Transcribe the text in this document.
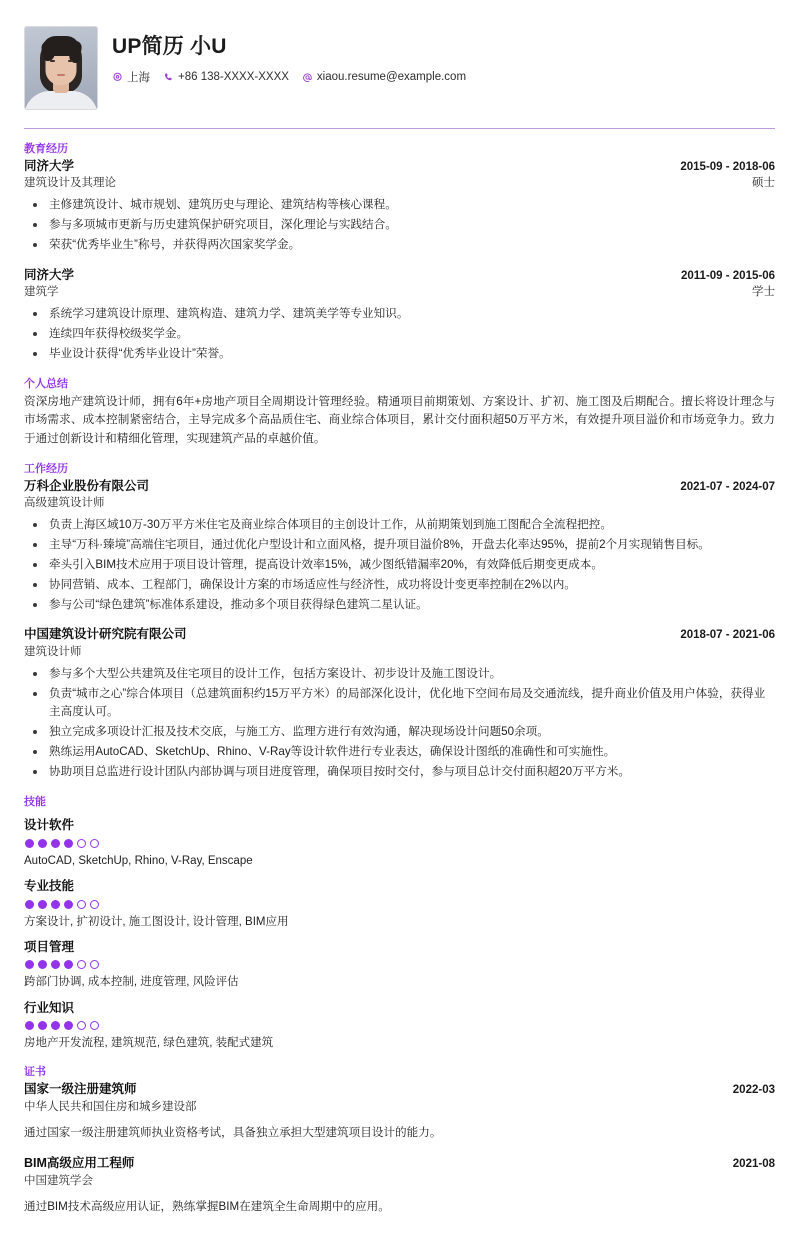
UP简历 小U
上海 +86 138-XXXX-XXXX xiaou.resume@example.com
教育经历
同济大学	2015-09 - 2018-06
建筑设计及其理论	硕士
主修建筑设计、城市规划、建筑历史与理论、建筑结构等核心课程。
参与多项城市更新与历史建筑保护研究项目，深化理论与实践结合。
荣获“优秀毕业生”称号，并获得两次国家奖学金。
同济大学	2011-09 - 2015-06
建筑学	学士
系统学习建筑设计原理、建筑构造、建筑力学、建筑美学等专业知识。
连续四年获得校级奖学金。
毕业设计获得“优秀毕业设计”荣誉。
个人总结
资深房地产建筑设计师，拥有6年+房地产项目全周期设计管理经验。精通项目前期策划、方案设计、扩初、施工图及后期配合。擅长将设计理念与市场需求、成本控制紧密结合，主导完成多个高品质住宅、商业综合体项目，累计交付面积超50万平方米，有效提升项目溢价和市场竞争力。致力于通过创新设计和精细化管理，实现建筑产品的卓越价值。
工作经历
万科企业股份有限公司	2021-07 - 2024-07
高级建筑设计师
负责上海区域10万-30万平方米住宅及商业综合体项目的主创设计工作，从前期策划到施工图配合全流程把控。
主导“万科·臻境”高端住宅项目，通过优化户型设计和立面风格，提升项目溢价8%，开盘去化率达95%，提前2个月实现销售目标。
牵头引入BIM技术应用于项目设计管理，提高设计效率15%，减少图纸错漏率20%，有效降低后期变更成本。
协同营销、成本、工程部门，确保设计方案的市场适应性与经济性，成功将设计变更率控制在2%以内。
参与公司“绿色建筑”标准体系建设，推动多个项目获得绿色建筑二星认证。
中国建筑设计研究院有限公司	2018-07 - 2021-06
建筑设计师
参与多个大型公共建筑及住宅项目的设计工作，包括方案设计、初步设计及施工图设计。
负责“城市之心”综合体项目（总建筑面积约15万平方米）的局部深化设计，优化地下空间布局及交通流线，提升商业价值及用户体验，获得业主高度认可。
独立完成多项设计汇报及技术交底，与施工方、监理方进行有效沟通，解决现场设计问题50余项。
熟练运用AutoCAD、SketchUp、Rhino、V-Ray等设计软件进行专业表达，确保设计图纸的准确性和可实施性。
协助项目总监进行设计团队内部协调与项目进度管理，确保项目按时交付，参与项目总计交付面积超20万平方米。
技能
设计软件
AutoCAD, SketchUp, Rhino, V-Ray, Enscape
专业技能
方案设计, 扩初设计, 施工图设计, 设计管理, BIM应用
项目管理
跨部门协调, 成本控制, 进度管理, 风险评估
行业知识
房地产开发流程, 建筑规范, 绿色建筑, 装配式建筑
证书
国家一级注册建筑师	2022-03
中华人民共和国住房和城乡建设部
通过国家一级注册建筑师执业资格考试，具备独立承担大型建筑项目设计的能力。
BIM高级应用工程师	2021-08
中国建筑学会
通过BIM技术高级应用认证，熟练掌握BIM在建筑全生命周期中的应用。
